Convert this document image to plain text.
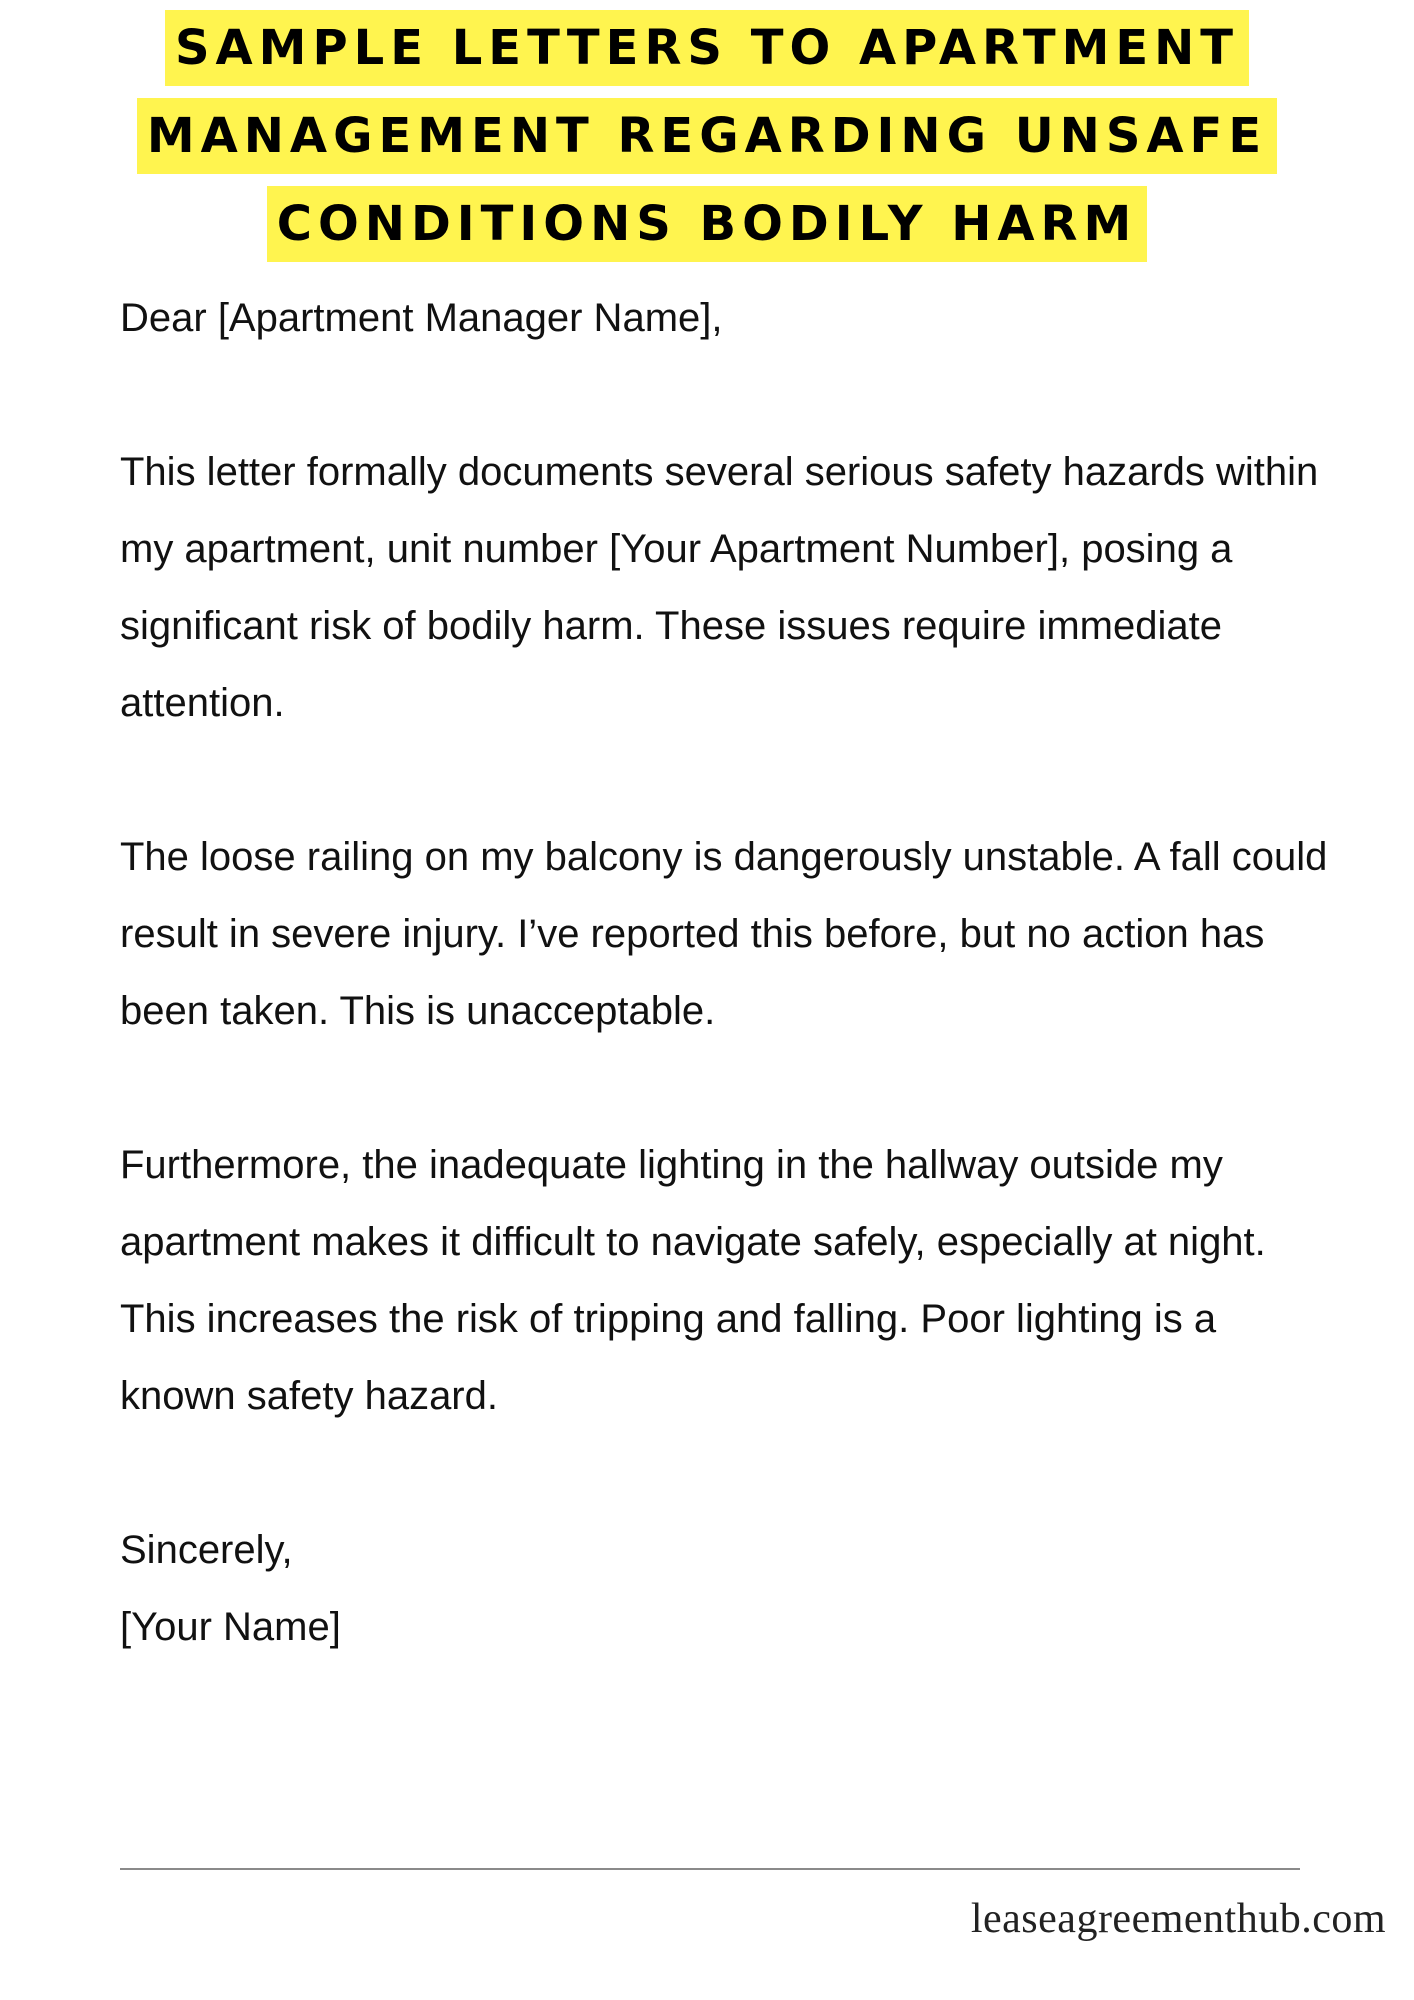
SAMPLE LETTERS TO APARTMENT
MANAGEMENT REGARDING UNSAFE
CONDITIONS BODILY HARM

Dear [Apartment Manager Name],

This letter formally documents several serious safety hazards within my apartment, unit number [Your Apartment Number], posing a significant risk of bodily harm. These issues require immediate attention.

The loose railing on my balcony is dangerously unstable. A fall could result in severe injury. I’ve reported this before, but no action has been taken. This is unacceptable.

Furthermore, the inadequate lighting in the hallway outside my apartment makes it difficult to navigate safely, especially at night. This increases the risk of tripping and falling. Poor lighting is a known safety hazard.

Sincerely,

[Your Name]

leaseagreementhub.com
